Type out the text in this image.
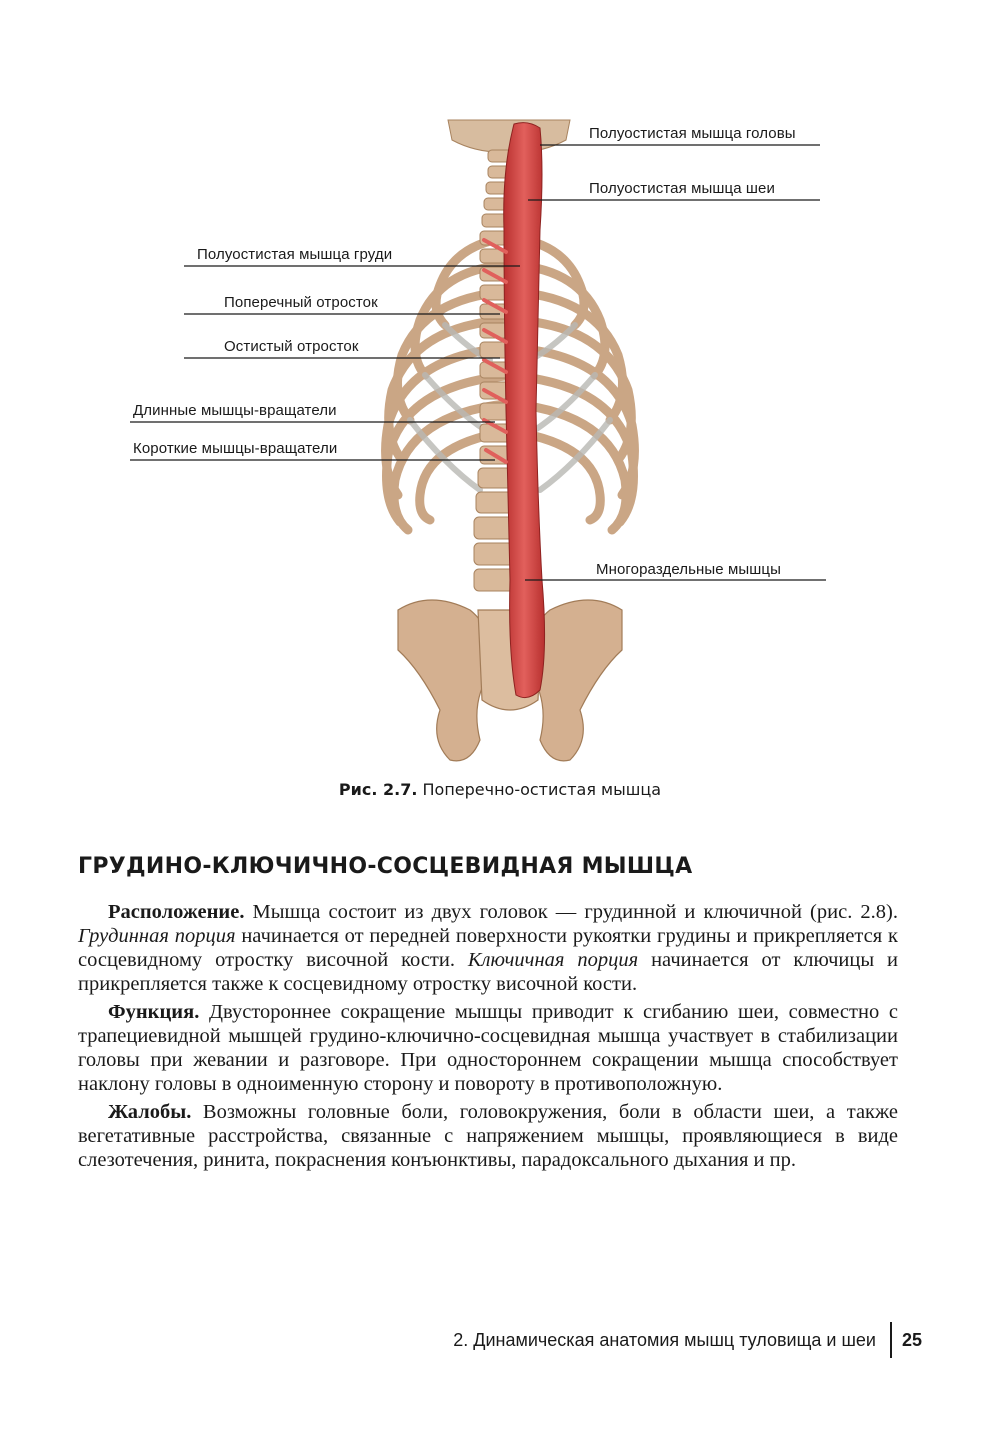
Полуостистая мышца головы
Полуостистая мышца шеи
Полуостистая мышца груди
Поперечный отросток
Остистый отросток
Длинные мышцы-вращатели
Короткие мышцы-вращатели
Многораздельные мышцы
Рис. 2.7. Поперечно-остистая мышца
ГРУДИНО-КЛЮЧИЧНО-СОСЦЕВИДНАЯ МЫШЦА

Расположение. Мышца состоит из двух головок — грудинной и ключичной (рис. 2.8). Грудинная порция начинается от передней поверхности рукоятки грудины и прикрепляется к сосцевидному отростку височной кости. Ключичная порция начинается от ключицы и прикрепляется также к сосцевидному отростку височной кости.

Функция. Двустороннее сокращение мышцы приводит к сгибанию шеи, совместно с трапециевидной мышцей грудино-ключично-сосцевидная мышца участвует в стабилизации головы при жевании и разговоре. При одностороннем сокращении мышца способствует наклону головы в одноименную сторону и повороту в противоположную.

Жалобы. Возможны головные боли, головокружения, боли в области шеи, а также вегетативные расстройства, связанные с напряжением мышцы, проявляющиеся в виде слезотечения, ринита, покраснения конъюнктивы, парадоксального дыхания и пр.

2. Динамическая анатомия мышц туловища и шеи 25
